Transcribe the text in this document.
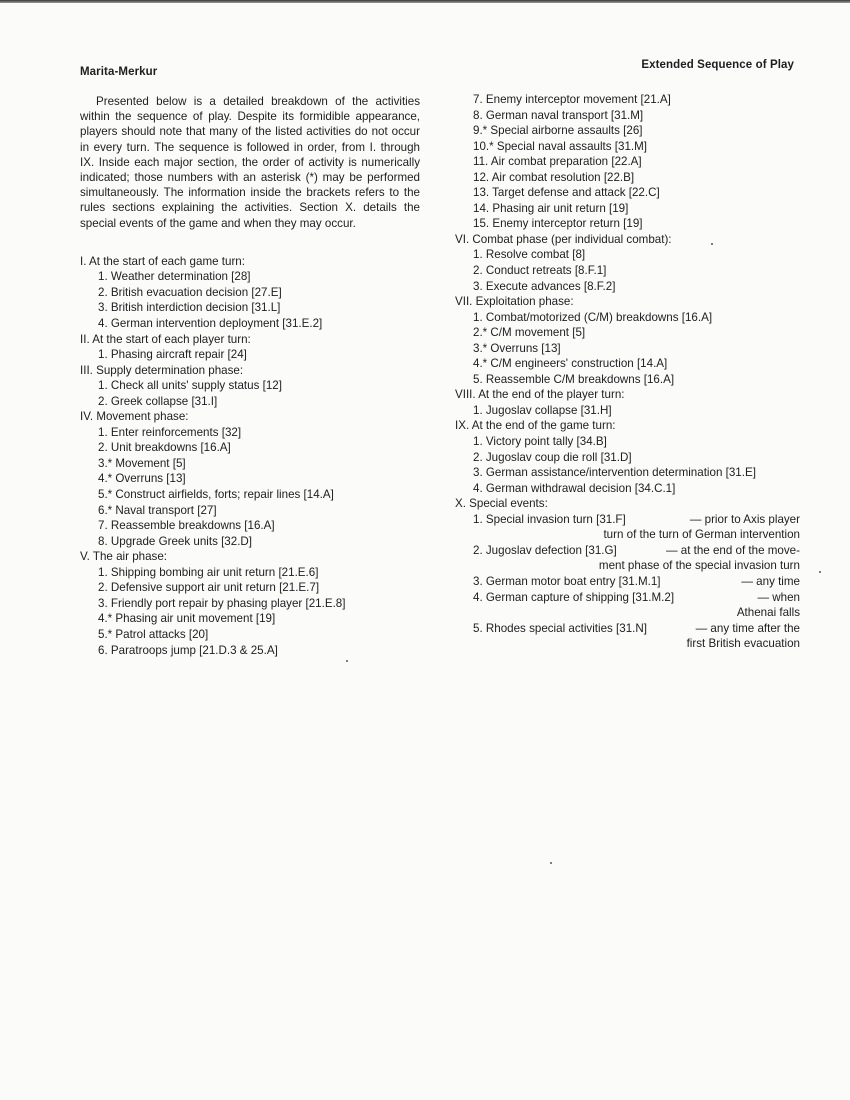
Marita-Merkur
Extended Sequence of Play

Presented below is a detailed breakdown of the activities within the sequence of play. Despite its formidible appearance, players should note that many of the listed activities do not occur in every turn. The sequence is followed in order, from I. through IX. Inside each major section, the order of activity is numerically indicated; those numbers with an asterisk (*) may be performed simultaneously. The information inside the brackets refers to the rules sections explaining the activities. Section X. details the special events of the game and when they may occur.

I. At the start of each game turn:
1. Weather determination [28]
2. British evacuation decision [27.E]
3. British interdiction decision [31.L]
4. German intervention deployment [31.E.2]
II. At the start of each player turn:
1. Phasing aircraft repair [24]
III. Supply determination phase:
1. Check all units' supply status [12]
2. Greek collapse [31.I]
IV. Movement phase:
1. Enter reinforcements [32]
2. Unit breakdowns [16.A]
3.* Movement [5]
4.* Overruns [13]
5.* Construct airfields, forts; repair lines [14.A]
6.* Naval transport [27]
7. Reassemble breakdowns [16.A]
8. Upgrade Greek units [32.D]
V. The air phase:
1. Shipping bombing air unit return [21.E.6]
2. Defensive support air unit return [21.E.7]
3. Friendly port repair by phasing player [21.E.8]
4.* Phasing air unit movement [19]
5.* Patrol attacks [20]
6. Paratroops jump [21.D.3 & 25.A]
7. Enemy interceptor movement [21.A]
8. German naval transport [31.M]
9.* Special airborne assaults [26]
10.* Special naval assaults [31.M]
11. Air combat preparation [22.A]
12. Air combat resolution [22.B]
13. Target defense and attack [22.C]
14. Phasing air unit return [19]
15. Enemy interceptor return [19]
VI. Combat phase (per individual combat):
1. Resolve combat [8]
2. Conduct retreats [8.F.1]
3. Execute advances [8.F.2]
VII. Exploitation phase:
1. Combat/motorized (C/M) breakdowns [16.A]
2.* C/M movement [5]
3.* Overruns [13]
4.* C/M engineers' construction [14.A]
5. Reassemble C/M breakdowns [16.A]
VIII. At the end of the player turn:
1. Jugoslav collapse [31.H]
IX. At the end of the game turn:
1. Victory point tally [34.B]
2. Jugoslav coup die roll [31.D]
3. German assistance/intervention determination [31.E]
4. German withdrawal decision [34.C.1]
X. Special events:
1. Special invasion turn [31.F]	— prior to Axis player
turn of the turn of German intervention
2. Jugoslav defection [31.G]	— at the end of the move-
ment phase of the special invasion turn
3. German motor boat entry [31.M.1]	— any time
4. German capture of shipping [31.M.2]	— when
Athenai falls
5. Rhodes special activities [31.N]	— any time after the
first British evacuation
